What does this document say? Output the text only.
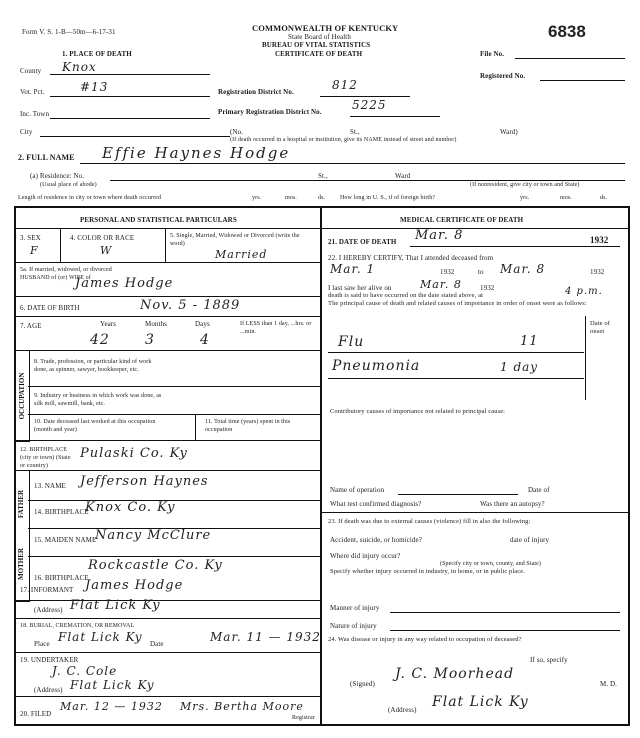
Form V. S. 1-B—50m—6-17-31	COMMONWEALTH OF KENTUCKY
State Board of Health
BUREAU OF VITAL STATISTICS
CERTIFICATE OF DEATH
6838
1. PLACE OF DEATH
County Knox
Vot. Pct.	#13
Inc. Town
Registration District No.	812
Primary Registration District No.	5225
File No.
Registered No.
City	(No.	St.,	Ward)
(If death occurred in a hospital or institution, give its NAME instead of street and number)
2. FULL NAME Effie Haynes Hodge
(a) Residence: No.
(Usual place of abode)
St.,	Ward
(If nonresident, give city or town and State)
Length of residence in city or town where death occurred	yrs.	mos.	ds. How long in U. S., if of foreign birth?	yrs.	mos.	ds.
PERSONAL AND STATISTICAL PARTICULARS
3. SEX	4. COLOR OR RACE	5. Single, Married, Widowed or Divorced (write the word)
F	W	Married
5a. If married, widowed, or divorced HUSBAND of (or) WIFE of
James Hodge
6. DATE OF BIRTH	Nov. 5 - 1889
7. AGE	Years	Months	Days	If LESS than 1 day, ...hrs. or ...min.
42	3	4
OCCUPATION
8. Trade, profession, or particular kind of work done, as spinner, sawyer, bookkeeper, etc.
9. Industry or business in which work was done, as silk mill, sawmill, bank, etc.
10. Date deceased last worked at this occupation (month and year)
11. Total time (years) spent in this occupation
12. BIRTHPLACE (city or town) (State or country)
Pulaski Co. Ky
FATHER
MOTHER
13. NAME Jefferson Haynes
14. BIRTHPLACE
Knox Co. Ky
15. MAIDEN NAME
Nancy McClure
16. BIRTHPLACE
Rockcastle Co. Ky
17. INFORMANT James Hodge
(Address) Flat Lick Ky
18. BURIAL, CREMATION, OR REMOVAL
Place Flat Lick Ky Date	Mar. 11 — 1932
19. UNDERTAKER
J. C. Cole
(Address) Flat Lick Ky
20. FILED
Mar. 12 — 1932 Mrs. Bertha Moore
Registrar
MEDICAL CERTIFICATE OF DEATH
21. DATE OF DEATH Mar. 8	1932
22. I HEREBY CERTIFY, That I attended deceased from
Mar. 1	1932	to Mar. 8	1932
I last saw her alive on	Mar. 8	1932
death is said to have occurred on the date stated above, at	4 p.m.
The principal cause of death and related causes of importance in order of onset were as follows:
Date of onset
Flu	11
Pneumonia	1 day
Contributory causes of importance not related to principal cause:
Name of operation	Date of
What test confirmed diagnosis?	Was there an autopsy?
23. If death was due to external causes (violence) fill in also the following:
Accident, suicide, or homicide?	date of injury
Where did injury occur?
(Specify city or town, county, and State)
Specify whether injury occurred in industry, in home, or in public place.
Manner of injury
Nature of injury
24. Was disease or injury in any way related to occupation of deceased?
If so, specify
(Signed)
J. C. Moorhead
M. D.
(Address) Flat Lick Ky
